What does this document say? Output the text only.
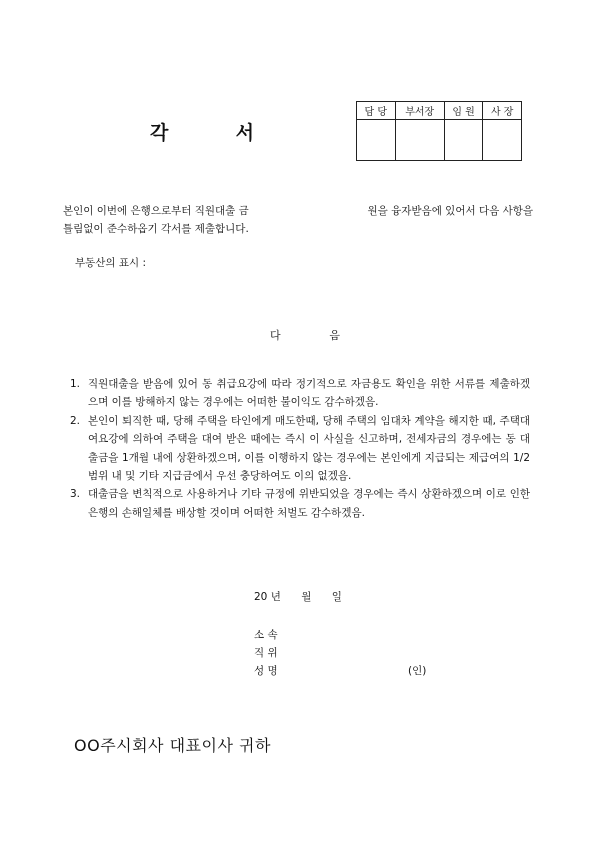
각	서
담 당	부서장	임 원	사 장

본인이 이번에 은행으로부터 직원대출 금	원을 융자받음에 있어서 다음 사항을
틀림없이 준수하옵기 각서를 제출합니다.
부동산의 표시 :
다	음
1. 직원대출을 받음에 있어 동 취급요강에 따라 정기적으로 자금용도 확인을 위한 서류를 제출하겠으며 이를 방해하지 않는 경우에는 어떠한 불이익도 감수하겠음.
2. 본인이 퇴직한 때, 당해 주택을 타인에게 매도한때, 당해 주택의 임대차 계약을 해지한 때, 주택대여요강에 의하여 주택을 대여 받은 때에는 즉시 이 사실을 신고하며, 전세자금의 경우에는 동 대출금을 1개월 내에 상환하겠으며, 이를 이행하지 않는 경우에는 본인에게 지급되는 제급여의 1/2 범위 내 및 기타 지급금에서 우선 충당하여도 이의 없겠음.
3. 대출금을 변칙적으로 사용하거나 기타 규정에 위반되었을 경우에는 즉시 상환하겠으며 이로 인한 은행의 손해일체를 배상할 것이며 어떠한 처벌도 감수하겠음.
20 년 월 일
소 속
직 위
성 명	(인)
OO주시회사 대표이사 귀하
